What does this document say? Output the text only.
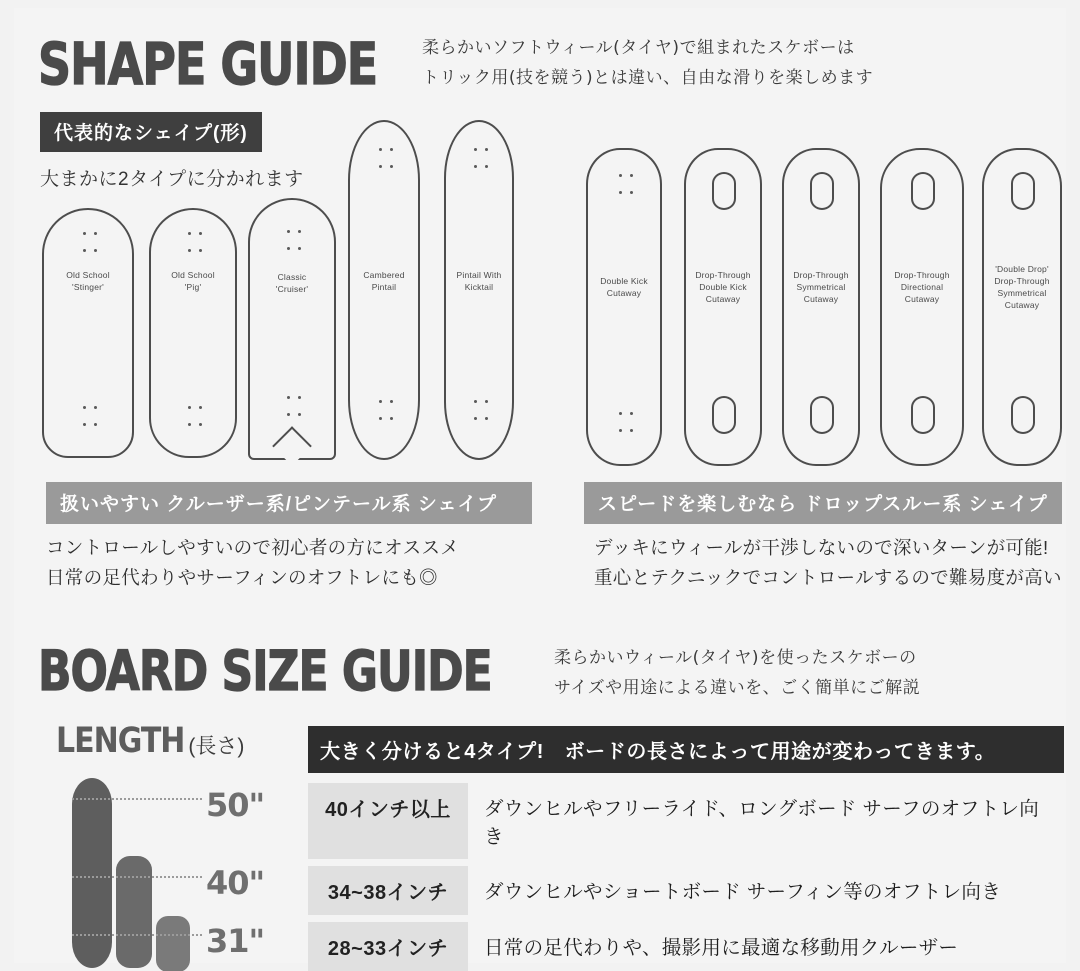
SHAPE GUIDE	柔らかいソフトウィール(タイヤ)で組まれたスケボーは
トリック用(技を競う)とは違い、自由な滑りを楽しめます
代表的なシェイプ(形)
大まかに2タイプに分かれます
Old School
'Stinger'
Old School
'Pig'
Classic
'Cruiser'
Cambered
Pintail
Pintail With
Kicktail
Double Kick
Cutaway
Drop-Through
Double Kick
Cutaway
Drop-Through
Symmetrical
Cutaway
Drop-Through
Directional
Cutaway
'Double Drop'
Drop-Through
Symmetrical
Cutaway
扱いやすい クルーザー系/ピンテール系 シェイプ
コントロールしやすいので初心者の方にオススメ
日常の足代わりやサーフィンのオフトレにも◎
スピードを楽しむなら ドロップスルー系 シェイプ
デッキにウィールが干渉しないので深いターンが可能!
重心とテクニックでコントロールするので難易度が高い
BOARD SIZE GUIDE	柔らかいウィール(タイヤ)を使ったスケボーの
サイズや用途による違いを、ごく簡単にご解説
LENGTH (長さ)
50"
40"
31"
大きく分けると4タイプ!　ボードの長さによって用途が変わってきます。
40インチ以上	ダウンヒルやフリーライド、ロングボード サーフのオフトレ向き
34~38インチ	ダウンヒルやショートボード サーフィン等のオフトレ向き
28~33インチ	日常の足代わりや、撮影用に最適な移動用クルーザー
